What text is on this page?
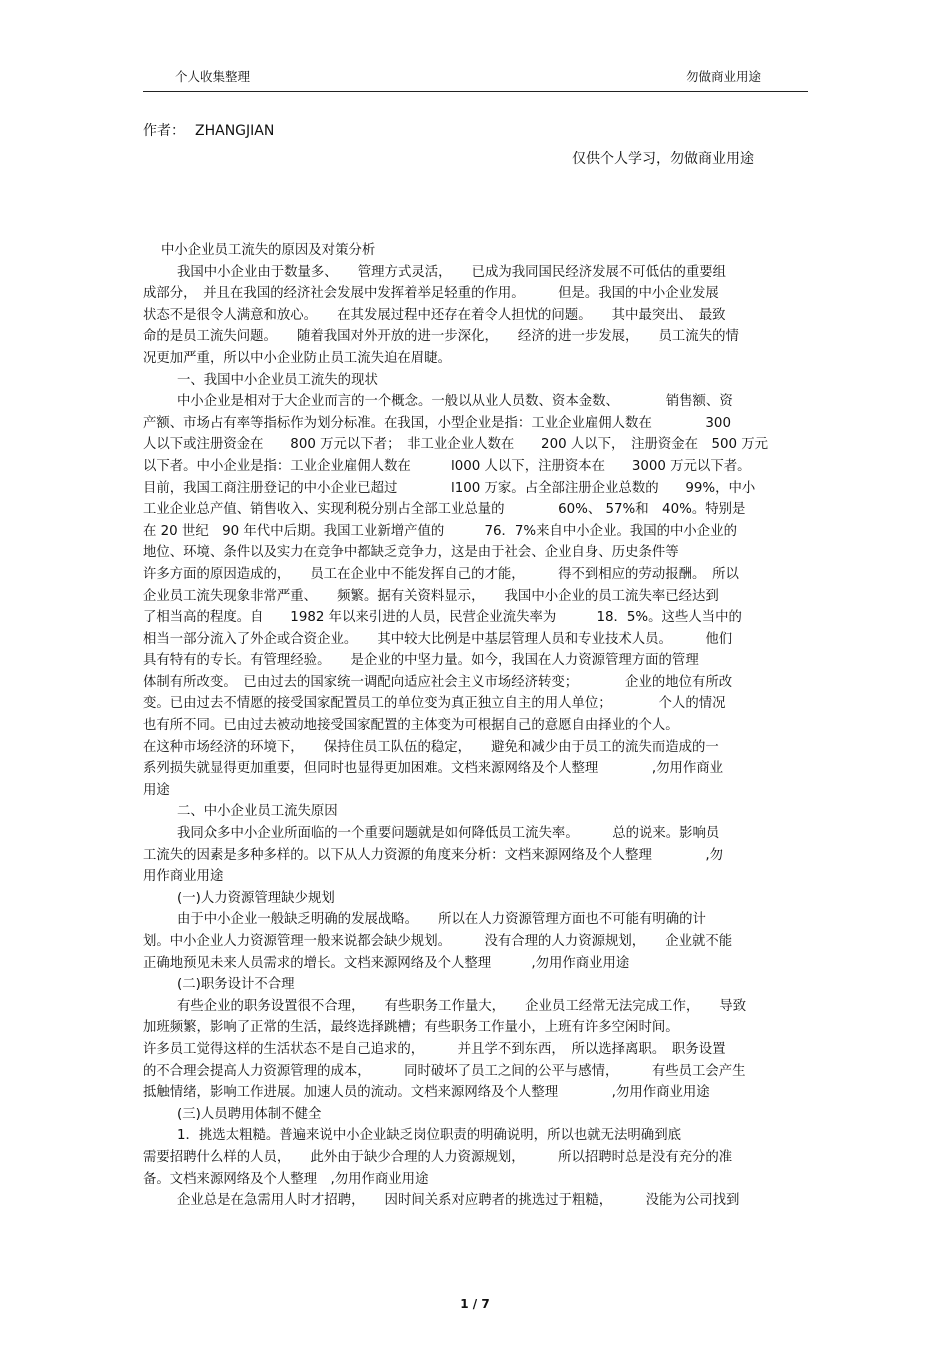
个人收集整理	勿做商业用途
作者： ZHANGJIAN
仅供个人学习，勿做商业用途

中小企业员工流失的原因及对策分析

我国中小企业由于数量多、　　管理方式灵活，　　已成为我同国民经济发展不可低估的重要组

成部分，　并且在我国的经济社会发展中发挥着举足轻重的作用。　　　但是。我国的中小企业发展

状态不是很令人满意和放心。　　在其发展过程中还存在着令人担忧的问题。　　其中最突出、　最致

命的是员工流失问题。　　随着我国对外开放的进一步深化，　　经济的进一步发展，　　员工流失的情

况更加严重，所以中小企业防止员工流失迫在眉睫。

一、我国中小企业员工流失的现状

中小企业是相对于大企业而言的一个概念。一般以从业人员数、资本金数、　　　　销售额、资

产额、市场占有率等指标作为划分标准。在我国，小型企业是指：工业企业雇佣人数在　　　　300

人以下或注册资金在　　800 万元以下者；　非工业企业人数在　　200 人以下，　注册资金在　500 万元

以下者。中小企业是指：工业企业雇佣人数在　　　l000 人以下，注册资本在　　3000 万元以下者。

目前，我国工商注册登记的中小企业已超过　　　　l100 万家。占全部注册企业总数的　　99%，中小

工业企业总产值、销售收入、实现利税分别占全部工业总量的　　　　60%、 57%和　40%。特别是

在 20 世纪　90 年代中后期。我国工业新增产值的　　　76．7%来自中小企业。我国的中小企业的

地位、环境、条件以及实力在竞争中都缺乏竞争力，这是由于社会、企业自身、历史条件等

许多方面的原因造成的，　　员工在企业中不能发挥自己的才能，　　　得不到相应的劳动报酬。　所以

企业员工流失现象非常严重、　　频繁。据有关资料显示，　　我国中小企业的员工流失率已经达到

了相当高的程度。自　　1982 年以来引进的人员，民营企业流失率为　　　18．5%。这些人当中的

相当一部分流入了外企或合资企业。　　其中较大比例是中基层管理人员和专业技术人员。　　　他们

具有特有的专长。有管理经验。　　是企业的中坚力量。如今，我国在人力资源管理方面的管理

体制有所改变。　已由过去的国家统一调配向适应社会主义市场经济转变；　　　　企业的地位有所改

变。已由过去不情愿的接受国家配置员工的单位变为真正独立自主的用人单位；　　　　个人的情况

也有所不同。已由过去被动地接受国家配置的主体变为可根据自己的意愿自由择业的个人。

在这种市场经济的环境下，　　保持住员工队伍的稳定，　　避免和减少由于员工的流失而造成的一

系列损失就显得更加重要，但同时也显得更加困难。文档来源网络及个人整理　　　　,勿用作商业

用途

二、中小企业员工流失原因

我同众多中小企业所面临的一个重要问题就是如何降低员工流失率。　　　总的说来。影响员

工流失的因素是多种多样的。以下从人力资源的角度来分析：文档来源网络及个人整理　　　　,勿

用作商业用途

(一)人力资源管理缺少规划

由于中小企业一般缺乏明确的发展战略。　　所以在人力资源管理方面也不可能有明确的计

划。中小企业人力资源管理一般来说都会缺少规划。　　　没有合理的人力资源规划，　　企业就不能

正确地预见未来人员需求的增长。文档来源网络及个人整理　　　,勿用作商业用途

(二)职务设计不合理

有些企业的职务设置很不合理，　　有些职务工作量大，　　企业员工经常无法完成工作，　　导致

加班频繁，影响了正常的生活，最终选择跳槽；有些职务工作量小，上班有许多空闲时间。

许多员工觉得这样的生活状态不是自己追求的，　　　并且学不到东西，　所以选择离职。　职务设置

的不合理会提高人力资源管理的成本，　　　同时破坏了员工之间的公平与感情，　　　有些员工会产生

抵触情绪，影响工作进展。加速人员的流动。文档来源网络及个人整理　　　　,勿用作商业用途

(三)人员聘用体制不健全

1．挑选太粗糙。普遍来说中小企业缺乏岗位职责的明确说明，所以也就无法明确到底

需要招聘什么样的人员，　　此外由于缺少合理的人力资源规划，　　　所以招聘时总是没有充分的准

备。文档来源网络及个人整理　,勿用作商业用途

企业总是在急需用人时才招聘，　　因时间关系对应聘者的挑选过于粗糙，　　　没能为公司找到

1 / 7
